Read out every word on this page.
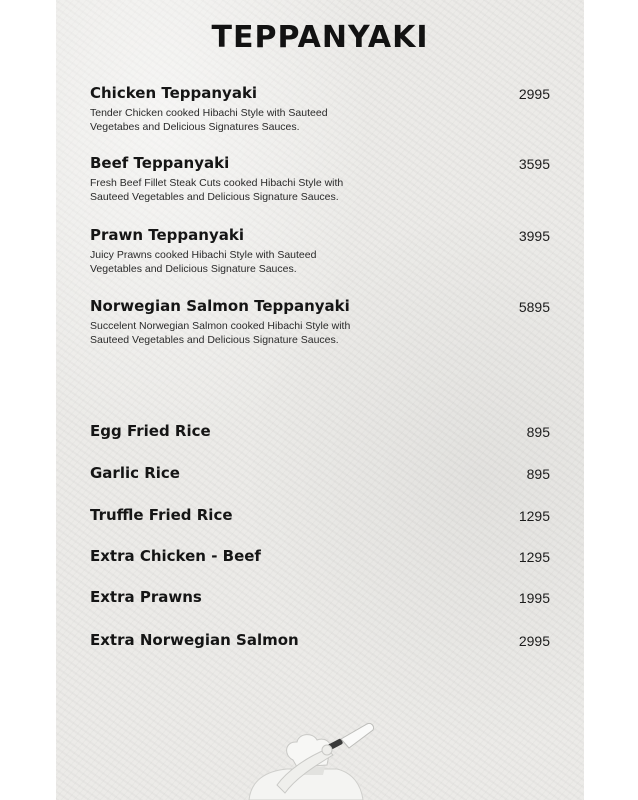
TEPPANYAKI
Chicken Teppanyaki	2995
Tender Chicken cooked Hibachi Style with Sauteed Vegetabes and Delicious Signatures Sauces.
Beef Teppanyaki	3595
Fresh Beef Fillet Steak Cuts cooked Hibachi Style with Sauteed Vegetables and Delicious Signature Sauces.
Prawn Teppanyaki	3995
Juicy Prawns cooked Hibachi Style with Sauteed Vegetables and Delicious Signature Sauces.
Norwegian Salmon Teppanyaki	5895
Succelent Norwegian Salmon cooked Hibachi Style with Sauteed Vegetables and Delicious Signature Sauces.
Egg Fried Rice	895
Garlic Rice	895
Truffle Fried Rice	1295
Extra Chicken - Beef	1295
Extra Prawns	1995
Extra Norwegian Salmon	2995
